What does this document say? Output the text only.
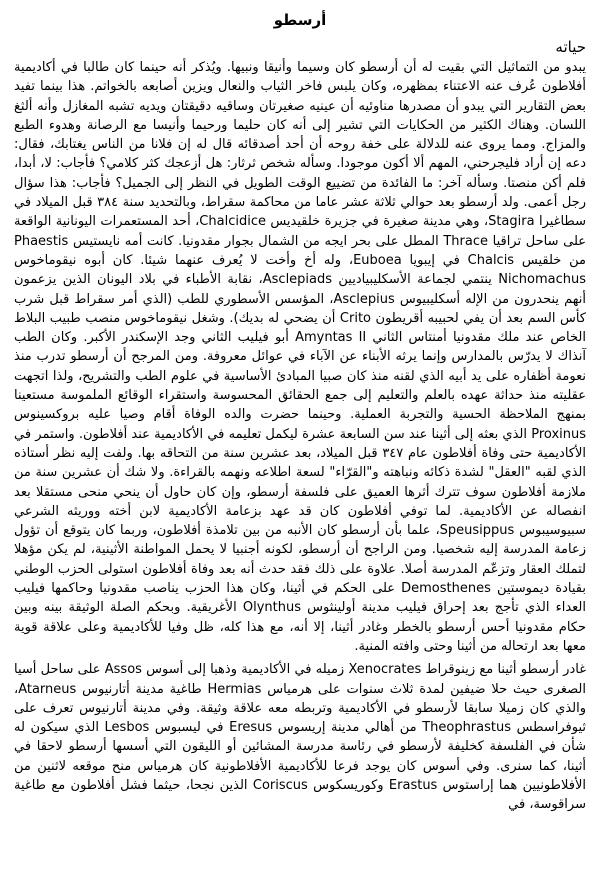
أرسطو
حياته

يبدو من التماثيل التي بقيت له أن أرسطو كان وسيما وأنيقا ونبيها. ويُذكر أنه حينما كان طالبا في أكاديمية أفلاطون عُرف عنه الاعتناء بمظهره، وكان يلبس فاخر الثياب والنعال ويزين أصابعه بالخواتم. هذا بينما تفيد بعض التقارير التي يبدو أن مصدرها مناوئيه أن عينيه صغيرتان وساقيه دقيقتان ويديه تشبه المغازل وأنه ألثغ اللسان. وهناك الكثير من الحكايات التي تشير إلى أنه كان حليما ورحيما وأنيسا مع الرصانة وهدوء الطبع والمزاج. ومما يروى عنه للدلالة على خفة روحه أن أحد أصدقائه قال له إن فلانا من الناس يغتابك، فقال: دعه إن أراد فليجرحني، المهم ألا أكون موجودا. وسأله شخص ثرثار: هل أزعجك كثر كلامي؟ فأجاب: لا، أبدا، فلم أكن منصتا. وسأله آخر: ما الفائدة من تضييع الوقت الطويل في النظر إلى الجميل؟ فأجاب: هذا سؤال رجل أعمى. ولد أرسطو بعد حوالي ثلاثة عشر عاما من محاكمة سقراط، وبالتحديد سنة ٣٨٤ قبل الميلاد في سطاغيرا Stagira، وهي مدينة صغيرة في جزيرة خلقيديس Chalcidice، أحد المستعمرات اليونانية الواقعة على ساحل تراقيا Thrace المطل على بحر ايجه من الشمال بجوار مقدونيا. كانت أمه نايستيس Phaestis من خلقيس Chalcis في إيبويا Euboea، وله أخ وأخت لا يُعرف عنهما شيئا. كان أبوه نيقوماخوس Nichomachus ينتمي لجماعة الأسكليبياديين Asclepiads، نقابة الأطباء في بلاد اليونان الذين يزعمون أنهم ينحدرون من الإله أسكليبيوس Asclepius، المؤسس الأسطوري للطب (الذي أمر سقراط قبل شرب كأس السم بعد أن يفي لحبيبه أقريطون Crito أن يضحي له بديك). وشغل نيقوماخوس منصب طبيب البلاط الخاص عند ملك مقدونيا أمنتاس الثاني Amyntas II أبو فيليب الثاني وجد الإسكندر الأكبر. وكان الطب آنذاك لا يدرّس بالمدارس وإنما يرثه الأبناء عن الآباء في عوائل معروفة. ومن المرجح أن أرسطو تدرب منذ نعومة أظفاره على يد أبيه الذي لقنه منذ كان صبيا المبادئ الأساسية في علوم الطب والتشريح، ولذا اتجهت عقليته منذ حداثة عهده بالعلم والتعليم إلى جمع الحقائق المحسوسة واستقراء الوقائع الملموسة مستعينا بمنهج الملاحظة الحسية والتجربة العملية. وحينما حضرت والده الوفاة أقام وصيا عليه بروكسينوس Proxinus الذي بعثه إلى أثينا عند سن السابعة عشرة ليكمل تعليمه في الأكاديمية عند أفلاطون. واستمر في الأكاديمية حتى وفاة أفلاطون عام ٣٤٧ قبل الميلاد، بعد عشرين سنة من التحاقه بها. ولفت إليه نظر أستاذه الذي لقبه "العقل" لشدة ذكائه ونباهته و"القرّاء" لسعة اطلاعه ونهمه بالقراءة. ولا شك أن عشرين سنة من ملازمة أفلاطون سوف تترك أثرها العميق على فلسفة أرسطو، وإن كان حاول أن ينحي منحى مستقلا بعد انفصاله عن الأكاديمية. لما توفي أفلاطون كان قد عهد بزعامة الأكاديمية لابن أخته ووريثه الشرعي سبيوسيبوس Speusippus، علما بأن أرسطو كان الأنبه من بين تلامذة أفلاطون، وربما كان يتوقع أن تؤول زعامة المدرسة إليه شخصيا. ومن الراجح أن أرسطو، لكونه أجنبيا لا يحمل المواطنة الأثينية، لم يكن مؤهلا لتملك العقار وتزعّم المدرسة أصلا. علاوة على ذلك فقد حدث أنه بعد وفاة أفلاطون استولى الحزب الوطني بقيادة ديموستين Demosthenes على الحكم في أثينا، وكان هذا الحزب يناصب مقدونيا وحاكمها فيليب العداء الذي تأجج بعد إحراق فيليب مدينة أولينثوس Olynthus الأغريقية. وبحكم الصلة الوثيقة بينه وبين حكام مقدونيا أحس أرسطو بالخطر وغادر أثينا، إلا أنه، مع هذا كله، ظل وفيا للأكاديمية وعلى علاقة قوية معها بعد ارتحاله من أثينا وحتى وافته المنية.

غادر أرسطو أثينا مع زينوقراط Xenocrates زميله في الأكاديمية وذهبا إلى أسوس Assos على ساحل أسيا الصغرى حيث حلا ضيفين لمدة ثلاث سنوات على هرمياس Hermias طاغية مدينة أتارنيوس Atarneus، والذي كان زميلا سابقا لأرسطو في الأكاديمية وتربطه معه علاقة وثيقة. وفي مدينة أتارنيوس تعرف على ثيوفراسطس Theophrastus من أهالي مدينة إريسوس Eresus في ليسبوس Lesbos الذي سيكون له شأن في الفلسفة كخليفة لأرسطو في رئاسة مدرسة المشائين أو الليقون التي أسسها أرسطو لاحقا في أثينا، كما سنرى. وفي أسوس كان يوجد فرعا للأكاديمية الأفلاطونية كان هرمياس منح موقعه لاثنين من الأفلاطونيين هما إراستوس Erastus وكوريسكوس Coriscus الذين نجحا، حيثما فشل أفلاطون مع طاغية سراقوسة، في
